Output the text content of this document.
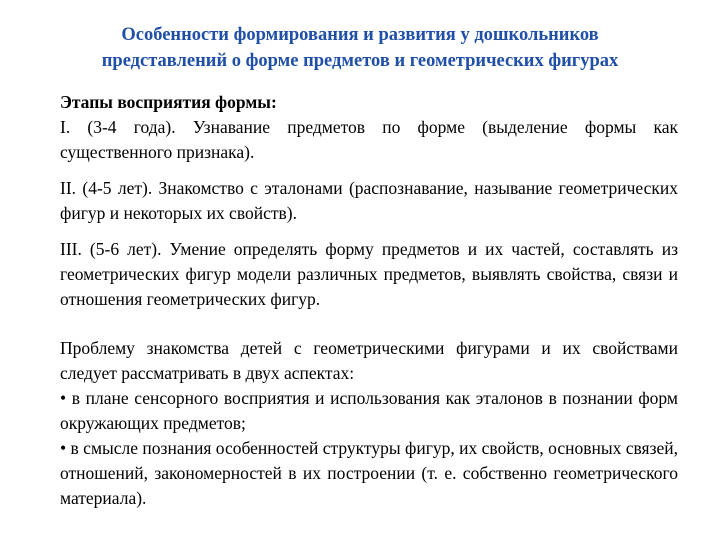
Особенности формирования и развития у дошкольников
представлений о форме предметов и геометрических фигурах

Этапы восприятия формы:

I. (3-4 года). Узнавание предметов по форме (выделение формы как существенного признака).

II. (4-5 лет). Знакомство с эталонами (распознавание, называние геометрических фигур и некоторых их свойств).

III. (5-6 лет). Умение определять форму предметов и их частей, составлять из геометрических фигур модели различных предметов, выявлять свойства, связи и отношения геометрических фигур.

Проблему знакомства детей с геометрическими фигурами и их свойствами следует рассматривать в двух аспектах:

• в плане сенсорного восприятия и использования как эталонов в познании форм окружающих предметов;

• в смысле познания особенностей структуры фигур, их свойств, основных связей, отношений, закономерностей в их построении (т. е. собственно геометрического материала).
